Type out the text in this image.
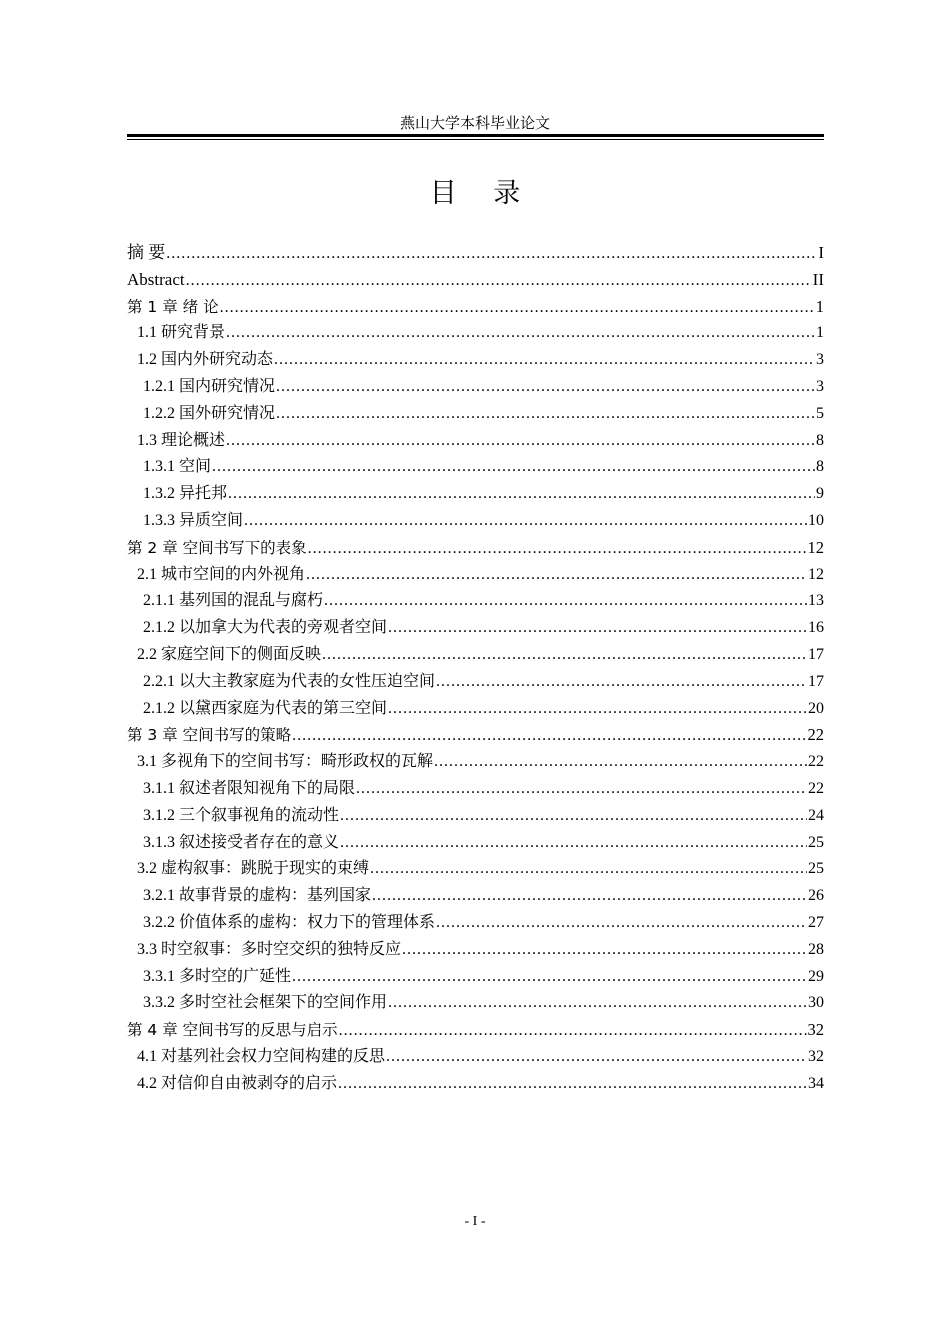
燕山大学本科毕业论文
目 录
摘 要 .....	I
Abstract .....	II
第 1 章 绪 论 .....	1
1.1 研究背景 .....	1
1.2 国内外研究动态 .....	3
1.2.1 国内研究情况 .....	3
1.2.2 国外研究情况 .....	5
1.3 理论概述 .....	8
1.3.1 空间 .....	8
1.3.2 异托邦 .....	9
1.3.3 异质空间 .....	10
第 2 章 空间书写下的表象 .....	12
2.1 城市空间的内外视角 .....	12
2.1.1 基列国的混乱与腐朽 .....	13
2.1.2 以加拿大为代表的旁观者空间 .....	16
2.2 家庭空间下的侧面反映 .....	17
2.2.1 以大主教家庭为代表的女性压迫空间 .....	17
2.1.2 以黛西家庭为代表的第三空间 .....	20
第 3 章 空间书写的策略 .....	22
3.1 多视角下的空间书写：畸形政权的瓦解 .....	22
3.1.1 叙述者限知视角下的局限 .....	22
3.1.2 三个叙事视角的流动性 .....	24
3.1.3 叙述接受者存在的意义 .....	25
3.2 虚构叙事：跳脱于现实的束缚 .....	25
3.2.1 故事背景的虚构：基列国家 .....	26
3.2.2 价值体系的虚构：权力下的管理体系 .....	27
3.3 时空叙事：多时空交织的独特反应 .....	28
3.3.1 多时空的广延性 .....	29
3.3.2 多时空社会框架下的空间作用 .....	30
第 4 章 空间书写的反思与启示 .....	32
4.1 对基列社会权力空间构建的反思 .....	32
4.2 对信仰自由被剥夺的启示 .....	34
- I -
